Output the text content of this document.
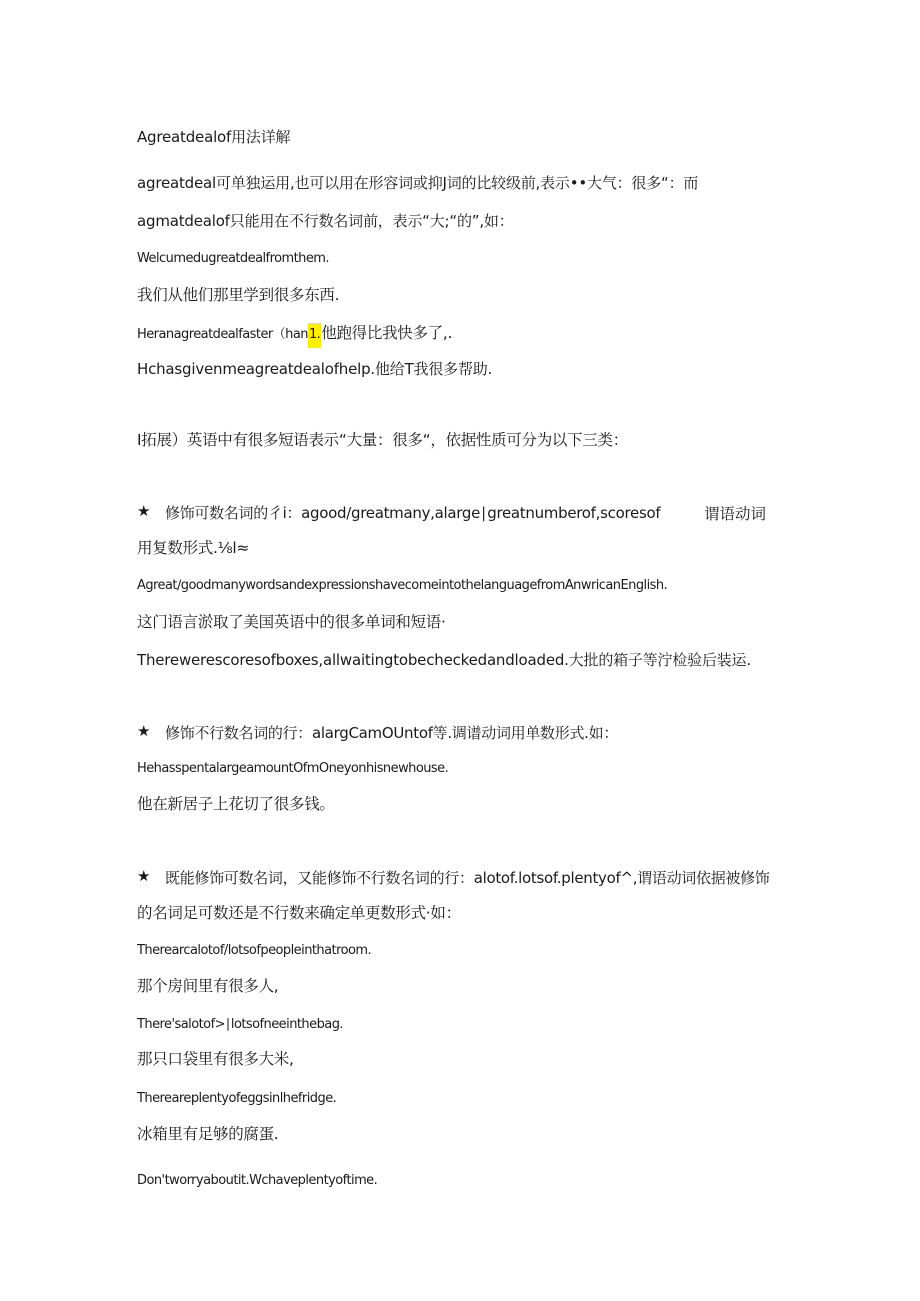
Agreatdealof用法详解
agreatdeal可单独运用,也可以用在形容词或抑J词的比较级前,表示••大气：很多“：而
agmatdealof只能用在不行数名词前，表示“大;“的”,如：
Welcumedugreatdealfromthem.
我们从他们那里学到很多东西.
Heranagreatdealfaster（han1.他跑得比我快多了,.
Hchasgivenmeagreatdealofhelp.他给T我很多帮助.
I拓展）英语中有很多短语表示“大量：很多“，依据性质可分为以下三类：
★ 修饰可数名词的彳i：agood/greatmany,alarge∣greatnumberof,scoresof	谓语动词
用复数形式.⅛l≈
Agreat∕goodmanywordsandexpressionshavecomeintothelanguagefromAnwricanEnglish.
这门语言淤取了美国英语中的很多单词和短语·
Therewerescoresofboxes,allwaitingtobecheckedandloaded.大批的箱子等泞检验后装运.
★ 修饰不行数名词的行：alargCamOUntof等.调谱动词用单数形式.如：
HehasspentalargeamountOfmOneyonhisnewhouse.
他在新居子上花切了很多钱。
★ 既能修饰可数名词，又能修饰不行数名词的行：alotof.lotsof.plentyof^,谓语动词依据被修饰
的名词足可数还是不行数来确定单更数形式·如：
Therearcalotof/lotsofpeopleinthatroom.
那个房间里有很多人,
There'salotof>∣lotsofneeinthebag.
那只口袋里有很多大米,
Thereareplentyofeggsinlhefridge.
冰箱里有足够的腐蛋.
Don'tworryaboutit.Wchaveplentyoftime.
